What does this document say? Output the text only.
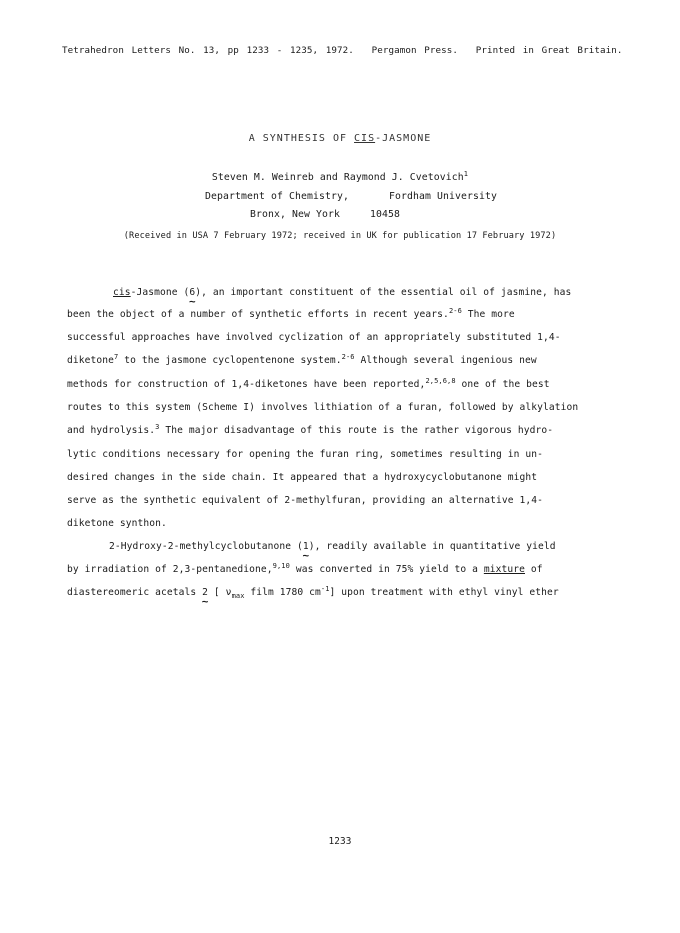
Tetrahedron Letters No. 13, pp 1233 - 1235, 1972. Pergamon Press. Printed in Great Britain.
A SYNTHESIS OF CIS-JASMONE
Steven M. Weinreb and Raymond J. Cvetovich$^1$
Department of Chemistry,	Fordham University
Bronx, New York	10458
(Received in USA 7 February 1972; received in UK for publication 17 February 1972)
cis-Jasmone (6
~
), an important constituent of the essential oil of jasmine, has
been the object of a number of synthetic efforts in recent years.$^{2-6}$ The more
successful approaches have involved cyclization of an appropriately substituted 1,4-
diketone$^7$ to the jasmone cyclopentenone system.$^{2-6}$ Although several ingenious new
methods for construction of 1,4-diketones have been reported,$^{2,5,6,8}$ one of the best
routes to this system (Scheme I) involves lithiation of a furan, followed by alkylation
and hydrolysis.$^3$ The major disadvantage of this route is the rather vigorous hydro-
lytic conditions necessary for opening the furan ring, sometimes resulting in un-
desired changes in the side chain. It appeared that a hydroxycyclobutanone might
serve as the synthetic equivalent of 2-methylfuran, providing an alternative 1,4-
diketone synthon.
2-Hydroxy-2-methylcyclobutanone (1
~
), readily available in quantitative yield
by irradiation of 2,3-pentanedione,$^{9,10}$ was converted in 75% yield to a mixture of
diastereomeric acetals 2
~
[ $\nu_{max}$ film 1780 $cm^{-1}$] upon treatment with ethyl vinyl ether
1233
